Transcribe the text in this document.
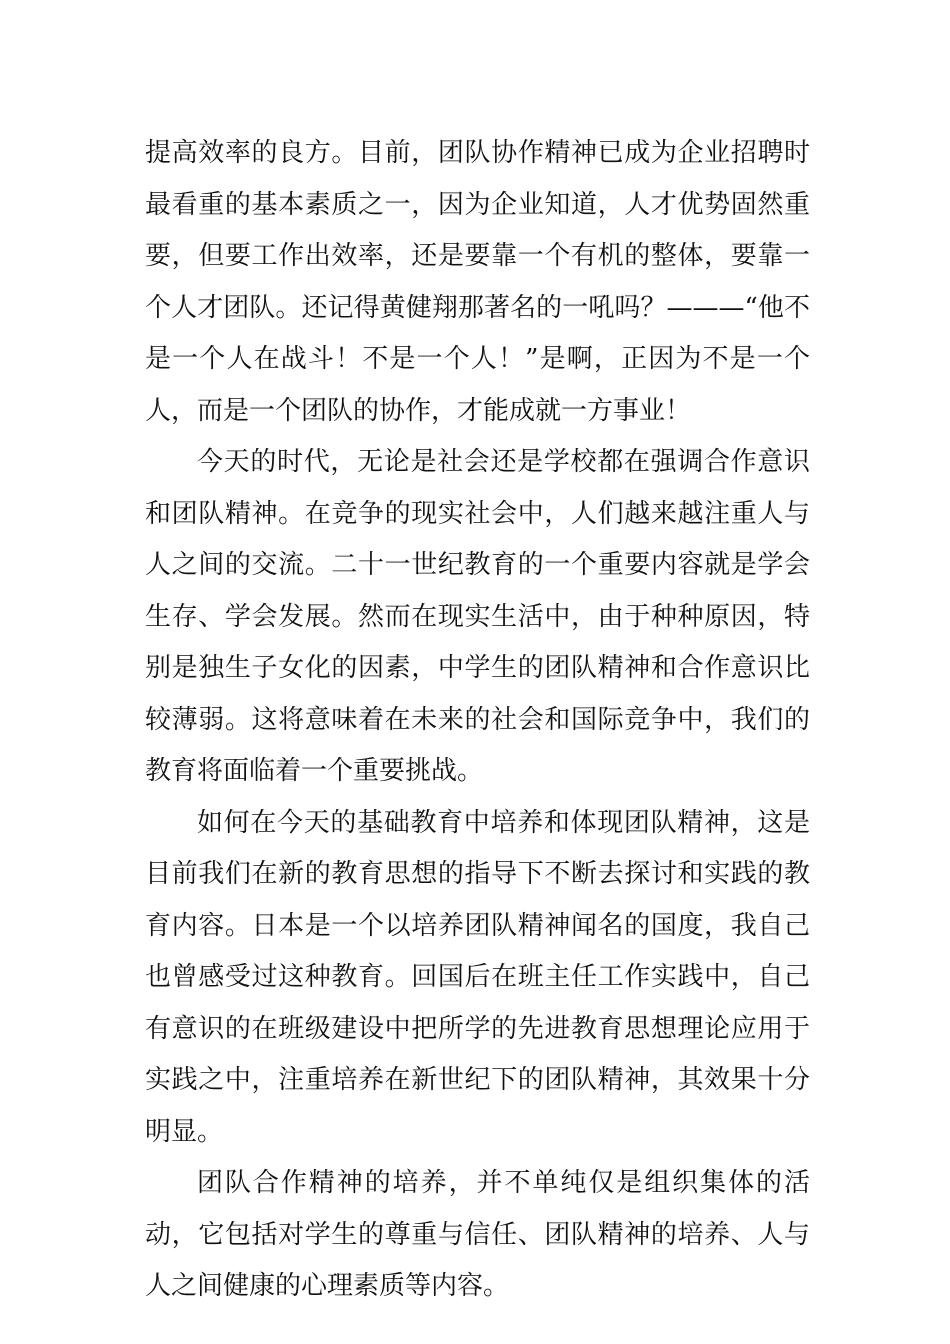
提高效率的良方。目前，团队协作精神已成为企业招聘时最看重的基本素质之一，因为企业知道，人才优势固然重要，但要工作出效率，还是要靠一个有机的整体，要靠一个人才团队。还记得黄健翔那著名的一吼吗？———“他不是一个人在战斗！不是一个人！”是啊，正因为不是一个人，而是一个团队的协作，才能成就一方事业！

今天的时代，无论是社会还是学校都在强调合作意识和团队精神。在竞争的现实社会中，人们越来越注重人与人之间的交流。二十一世纪教育的一个重要内容就是学会生存、学会发展。然而在现实生活中，由于种种原因，特别是独生子女化的因素，中学生的团队精神和合作意识比较薄弱。这将意味着在未来的社会和国际竞争中，我们的教育将面临着一个重要挑战。

如何在今天的基础教育中培养和体现团队精神，这是目前我们在新的教育思想的指导下不断去探讨和实践的教育内容。日本是一个以培养团队精神闻名的国度，我自己也曾感受过这种教育。回国后在班主任工作实践中，自己有意识的在班级建设中把所学的先进教育思想理论应用于实践之中，注重培养在新世纪下的团队精神，其效果十分明显。

团队合作精神的培养，并不单纯仅是组织集体的活动，它包括对学生的尊重与信任、团队精神的培养、人与人之间健康的心理素质等内容。
